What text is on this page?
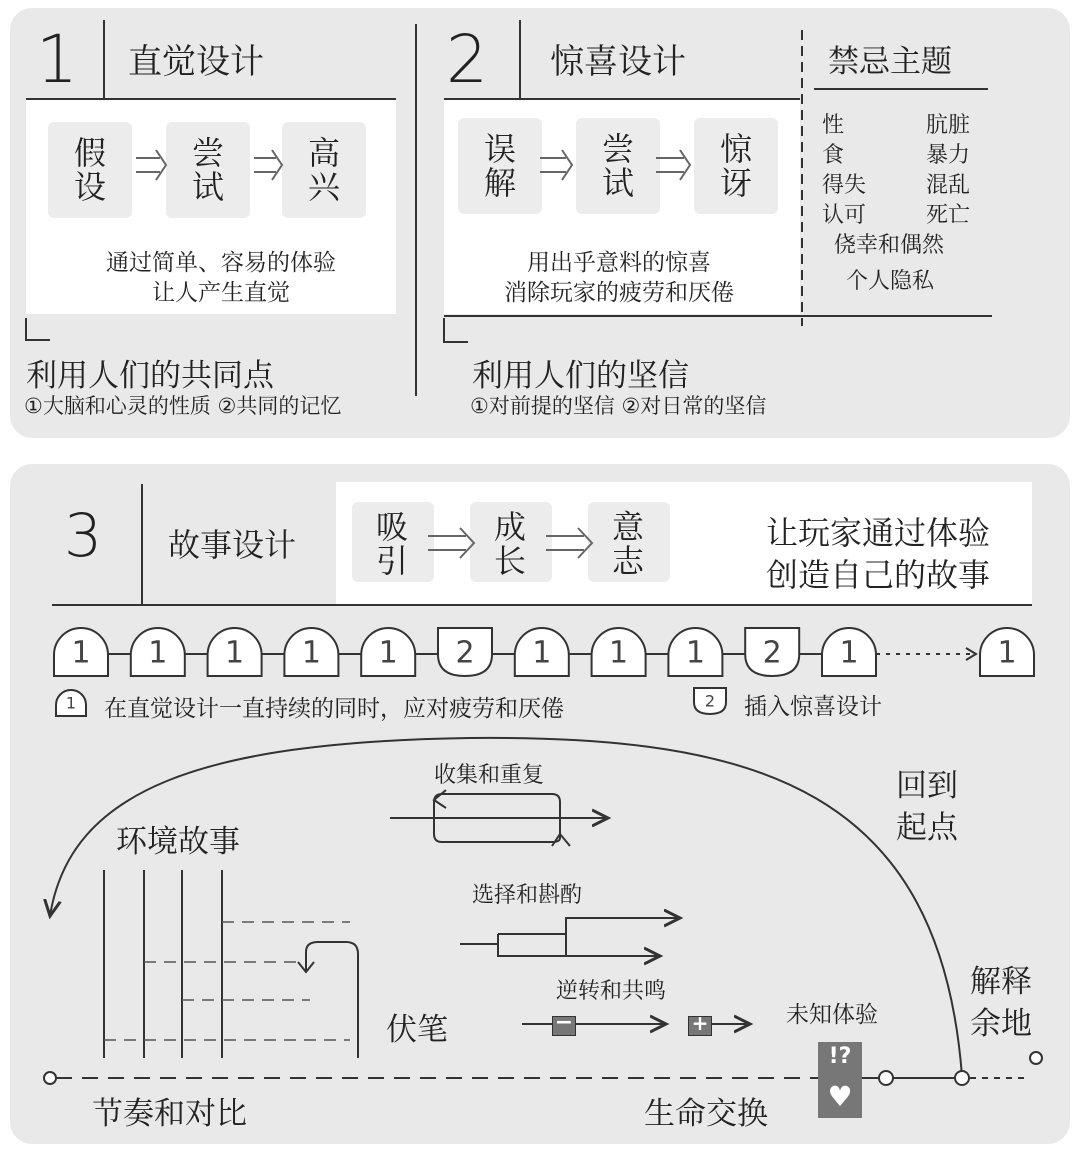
1 直觉设计
假设
尝试
高兴
通过简单、容易的体验
让人产生直觉
利用人们的共同点
①大脑和心灵的性质 ②共同的记忆
2 惊喜设计
误解
尝试
惊讶
用出乎意料的惊喜
消除玩家的疲劳和厌倦
利用人们的坚信
①对前提的坚信 ②对日常的坚信
禁忌主题
性
食
得失
认可
肮脏
暴力
混乱
死亡
侥幸和偶然
个人隐私
3 故事设计 吸引
成长
意志
让玩家通过体验
创造自己的故事
1 1 1 1 1 2 1 1 1 2 1	1
1	2
在直觉设计一直持续的同时，应对疲劳和厌倦	插入惊喜设计
收集和重复
环境故事
选择和斟酌
逆转和共鸣
伏笔	未知体验
回到
起点
解释
余地
节奏和对比	生命交换
!?
♥
−	+
